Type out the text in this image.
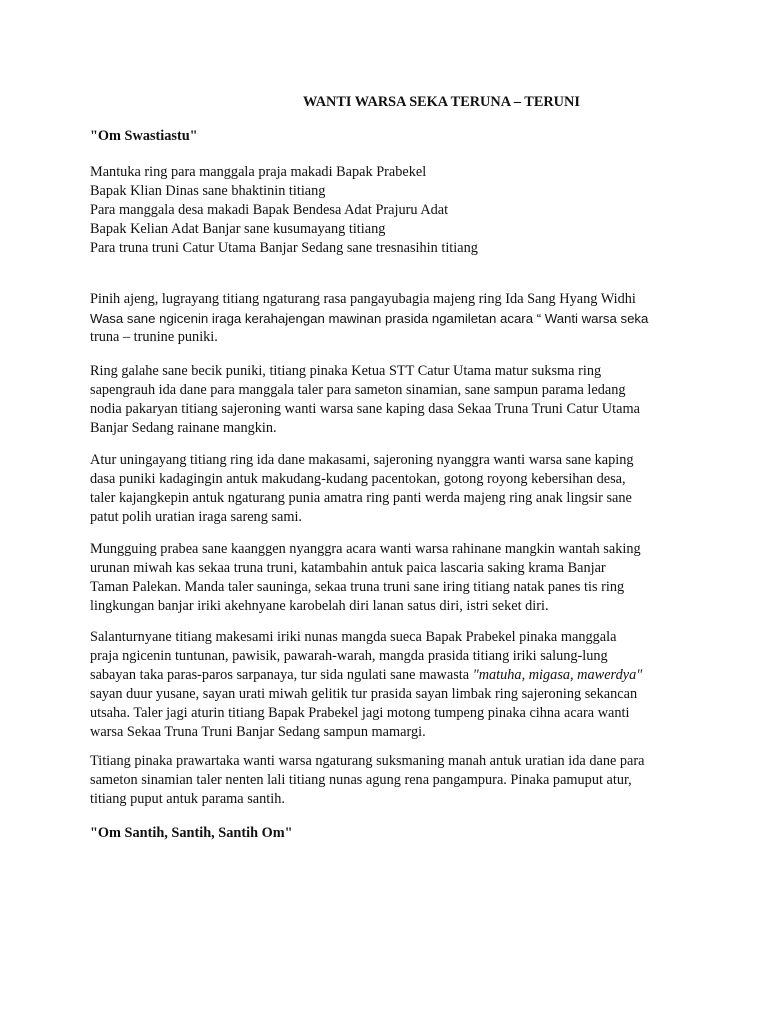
WANTI WARSA SEKA TERUNA – TERUNI
"Om Swastiastu"
Mantuka ring para manggala praja makadi Bapak Prabekel
Bapak Klian Dinas sane bhaktinin titiang
Para manggala desa makadi Bapak Bendesa Adat Prajuru Adat
Bapak Kelian Adat Banjar sane kusumayang titiang
Para truna truni Catur Utama Banjar Sedang sane tresnasihin titiang
Pinih ajeng, lugrayang titiang ngaturang rasa pangayubagia majeng ring Ida Sang Hyang Widhi
Wasa sane ngicenin iraga kerahajengan mawinan prasida ngamiletan acara “ Wanti warsa seka
truna – trunine puniki.
Ring galahe sane becik puniki, titiang pinaka Ketua STT Catur Utama matur suksma ring
sapengrauh ida dane para manggala taler para sameton sinamian, sane sampun parama ledang
nodia pakaryan titiang sajeroning wanti warsa sane kaping dasa Sekaa Truna Truni Catur Utama
Banjar Sedang rainane mangkin.
Atur uningayang titiang ring ida dane makasami, sajeroning nyanggra wanti warsa sane kaping
dasa puniki kadagingin antuk makudang-kudang pacentokan, gotong royong kebersihan desa,
taler kajangkepin antuk ngaturang punia amatra ring panti werda majeng ring anak lingsir sane
patut polih uratian iraga sareng sami.
Mungguing prabea sane kaanggen nyanggra acara wanti warsa rahinane mangkin wantah saking
urunan miwah kas sekaa truna truni, katambahin antuk paica lascaria saking krama Banjar
Taman Palekan. Manda taler sauninga, sekaa truna truni sane iring titiang natak panes tis ring
lingkungan banjar iriki akehnyane karobelah diri lanan satus diri, istri seket diri.
Salanturnyane titiang makesami iriki nunas mangda sueca Bapak Prabekel pinaka manggala
praja ngicenin tuntunan, pawisik, pawarah-warah, mangda prasida titiang iriki salung-lung
sabayan taka paras-paros sarpanaya, tur sida ngulati sane mawasta "matuha, migasa, mawerdya"
sayan duur yusane, sayan urati miwah gelitik tur prasida sayan limbak ring sajeroning sekancan
utsaha. Taler jagi aturin titiang Bapak Prabekel jagi motong tumpeng pinaka cihna acara wanti
warsa Sekaa Truna Truni Banjar Sedang sampun mamargi.
Titiang pinaka prawartaka wanti warsa ngaturang suksmaning manah antuk uratian ida dane para
sameton sinamian taler nenten lali titiang nunas agung rena pangampura. Pinaka pamuput atur,
titiang puput antuk parama santih.
"Om Santih, Santih, Santih Om"
